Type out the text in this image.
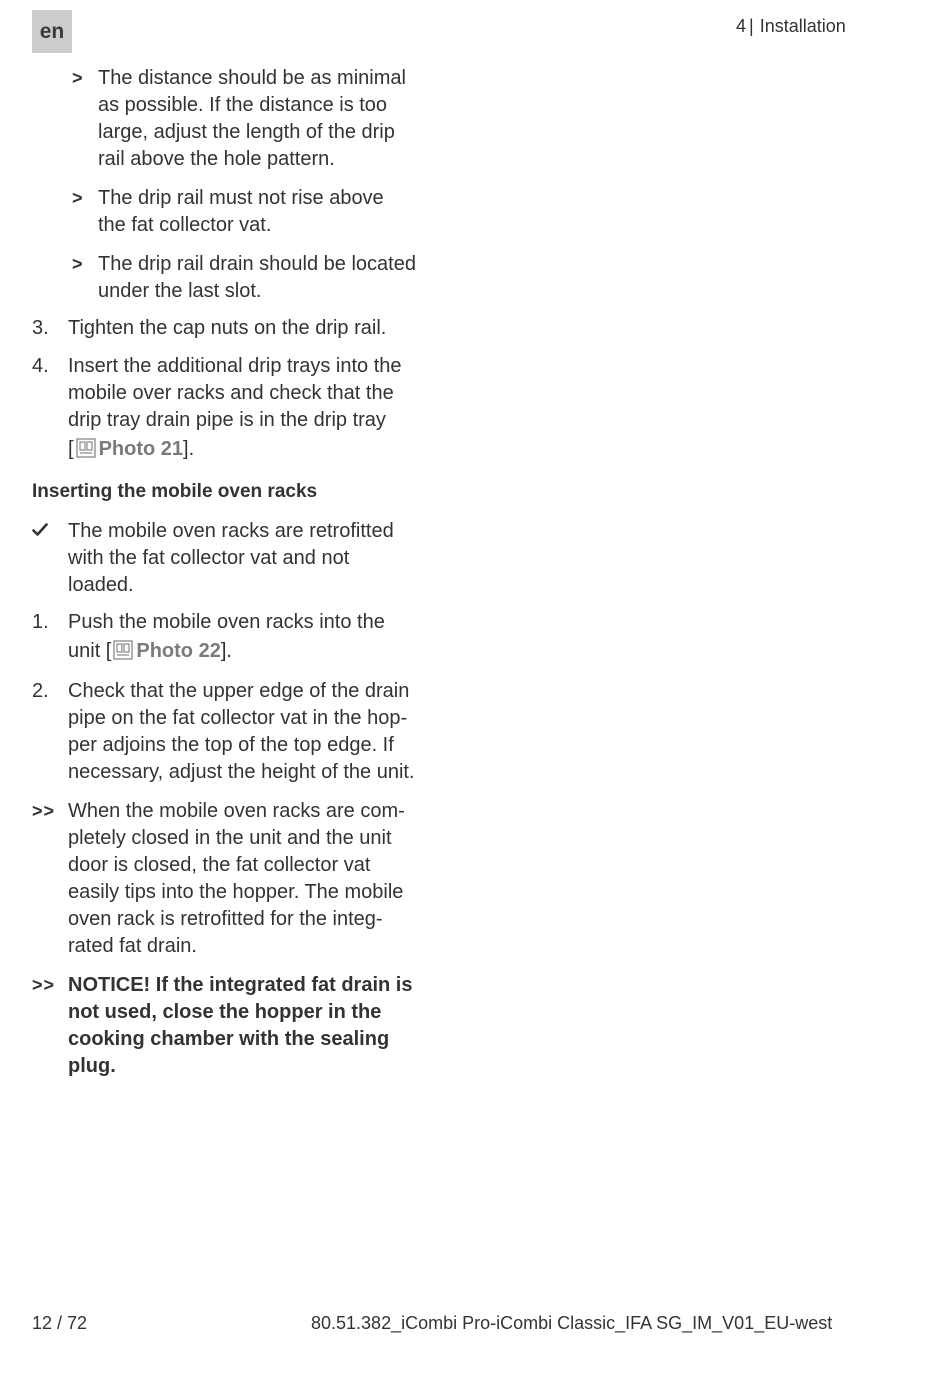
en	4 | Installation
> The distance should be as minimal
as possible. If the distance is too
large, adjust the length of the drip
rail above the hole pattern.
> The drip rail must not rise above
the fat collector vat.
> The drip rail drain should be located
under the last slot.
3. Tighten the cap nuts on the drip rail.
4. Insert the additional drip trays into the
mobile over racks and check that the
drip tray drain pipe is in the drip tray
[ Photo 21].
Inserting the mobile oven racks
The mobile oven racks are retrofitted
with the fat collector vat and not
loaded.
1. Push the mobile oven racks into the
unit [ Photo 22].
2. Check that the upper edge of the drain
pipe on the fat collector vat in the hop-
per adjoins the top of the top edge. If
necessary, adjust the height of the unit.
>> When the mobile oven racks are com-
pletely closed in the unit and the unit
door is closed, the fat collector vat
easily tips into the hopper. The mobile
oven rack is retrofitted for the integ-
rated fat drain.
>> NOTICE! If the integrated fat drain is
not used, close the hopper in the
cooking chamber with the sealing
plug.
12 / 72	80.51.382_iCombi Pro-iCombi Classic_IFA SG_IM_V01_EU-west
